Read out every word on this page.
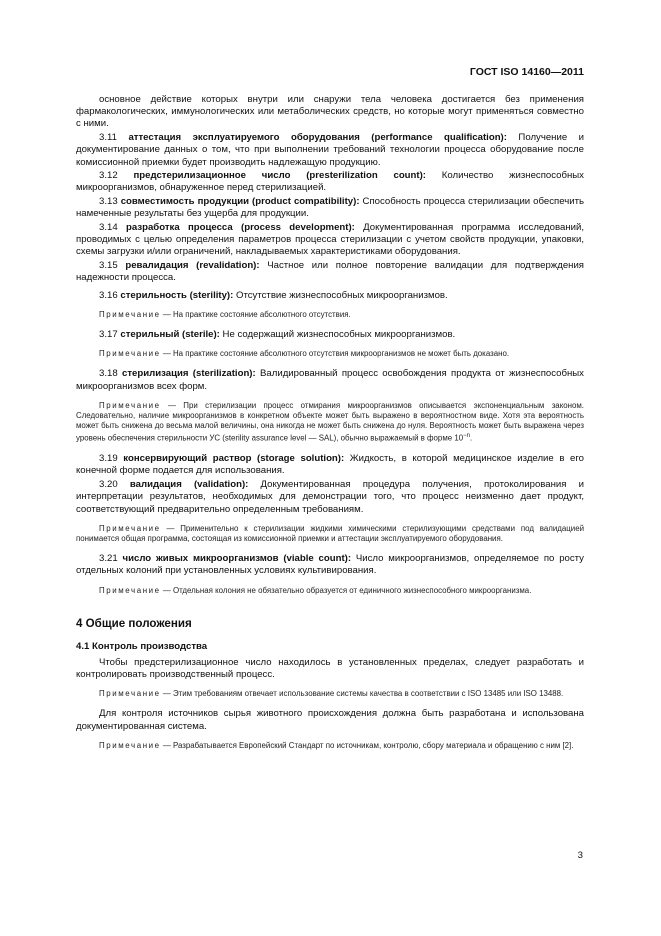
ГОСТ ISO 14160—2011

основное действие которых внутри или снаружи тела человека достигается без применения фармакологических, иммунологических или метаболических средств, но которые могут применяться совместно с ними.

3.11 аттестация эксплуатируемого оборудования (performance qualification): Получение и документирование данных о том, что при выполнении требований технологии процесса оборудование после комиссионной приемки будет производить надлежащую продукцию.

3.12 предстерилизационное число (presterilization count): Количество жизнеспособных микроорганизмов, обнаруженное перед стерилизацией.

3.13 совместимость продукции (product compatibility): Способность процесса стерилизации обеспечить намеченные результаты без ущерба для продукции.

3.14 разработка процесса (process development): Документированная программа исследований, проводимых с целью определения параметров процесса стерилизации с учетом свойств продукции, упаковки, схемы загрузки и/или ограничений, накладываемых характеристиками оборудования.

3.15 ревалидация (revalidation): Частное или полное повторение валидации для подтверждения надежности процесса.

3.16 стерильность (sterility): Отсутствие жизнеспособных микроорганизмов.

Примечание — На практике состояние абсолютного отсутствия.

3.17 стерильный (sterile): Не содержащий жизнеспособных микроорганизмов.

Примечание — На практике состояние абсолютного отсутствия микроорганизмов не может быть доказано.

3.18 стерилизация (sterilization): Валидированный процесс освобождения продукта от жизнеспособных микроорганизмов всех форм.

Примечание — При стерилизации процесс отмирания микроорганизмов описывается экспоненциальным законом. Следовательно, наличие микроорганизмов в конкретном объекте может быть выражено в вероятностном виде. Хотя эта вероятность может быть снижена до весьма малой величины, она никогда не может быть снижена до нуля. Вероятность может быть выражена через уровень обеспечения стерильности УС (sterility assurance level — SAL), обычно выражаемый в форме $10^{-n}$.

3.19 консервирующий раствор (storage solution): Жидкость, в которой медицинское изделие в его конечной форме подается для использования.

3.20 валидация (validation): Документированная процедура получения, протоколирования и интерпретации результатов, необходимых для демонстрации того, что процесс неизменно дает продукт, соответствующий предварительно определенным требованиям.

Примечание — Применительно к стерилизации жидкими химическими стерилизующими средствами под валидацией понимается общая программа, состоящая из комиссионной приемки и аттестации эксплуатируемого оборудования.

3.21 число живых микроорганизмов (viable count): Число микроорганизмов, определяемое по росту отдельных колоний при установленных условиях культивирования.

Примечание — Отдельная колония не обязательно образуется от единичного жизнеспособного микроорганизма.

4 Общие положения
4.1 Контроль производства

Чтобы предстерилизационное число находилось в установленных пределах, следует разработать и контролировать производственный процесс.

Примечание — Этим требованиям отвечает использование системы качества в соответствии с ISO 13485 или ISO 13488.

Для контроля источников сырья животного происхождения должна быть разработана и использована документированная система.

Примечание — Разрабатывается Европейский Стандарт по источникам, контролю, сбору материала и обращению с ним [2].

3
